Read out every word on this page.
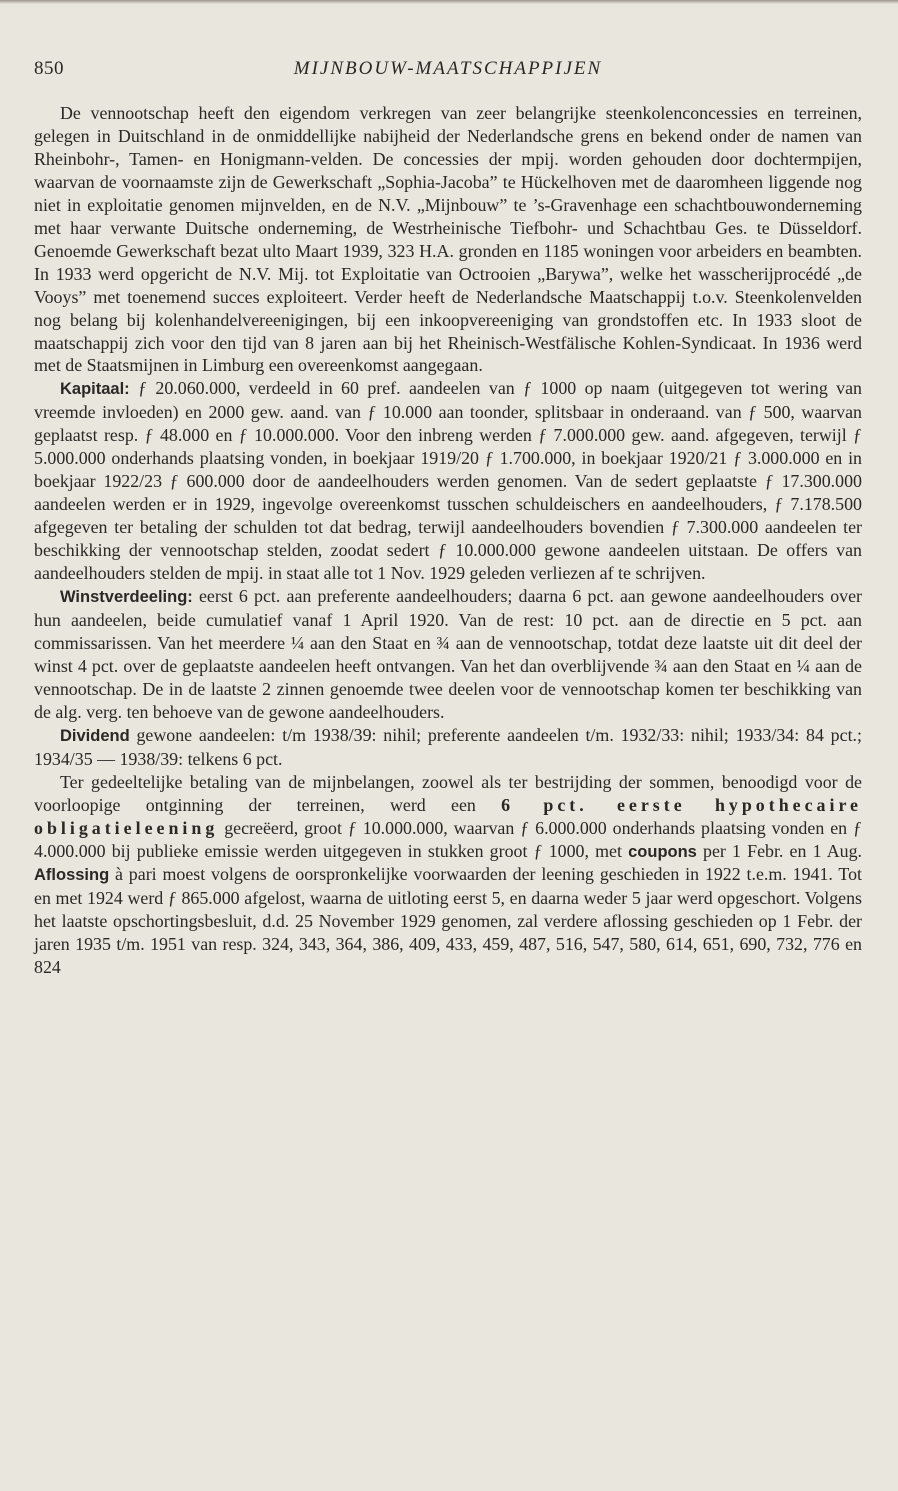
850	MIJNBOUW-MAATSCHAPPIJEN

De vennootschap heeft den eigendom verkregen van zeer belangrijke steenkolenconcessies en terreinen, gelegen in Duitschland in de onmiddellijke nabijheid der Nederlandsche grens en bekend onder de namen van Rheinbohr-, Tamen- en Honigmann-velden. De concessies der mpij. worden gehouden door dochtermpijen, waarvan de voornaamste zijn de Gewerkschaft „Sophia-Jacoba” te Hückelhoven met de daaromheen liggende nog niet in exploitatie genomen mijnvelden, en de N.V. „Mijnbouw” te ’s-Gravenhage een schachtbouwonderneming met haar verwante Duitsche onderneming, de Westrheinische Tiefbohr- und Schachtbau Ges. te Düsseldorf. Genoemde Gewerkschaft bezat ulto Maart 1939, 323 H.A. gronden en 1185 woningen voor arbeiders en beambten. In 1933 werd opgericht de N.V. Mij. tot Exploitatie van Octrooien „Barywa”, welke het wasscherijprocédé „de Vooys” met toenemend succes exploiteert. Verder heeft de Nederlandsche Maatschappij t.o.v. Steenkolenvelden nog belang bij kolenhandelvereenigingen, bij een inkoopvereeniging van grondstoffen etc. In 1933 sloot de maatschappij zich voor den tijd van 8 jaren aan bij het Rheinisch-Westfälische Kohlen-Syndicaat. In 1936 werd met de Staatsmijnen in Limburg een overeenkomst aangegaan.

Kapitaal: ƒ 20.060.000, verdeeld in 60 pref. aandeelen van ƒ 1000 op naam (uitgegeven tot wering van vreemde invloeden) en 2000 gew. aand. van ƒ 10.000 aan toonder, splitsbaar in onderaand. van ƒ 500, waarvan geplaatst resp. ƒ 48.000 en ƒ 10.000.000. Voor den inbreng werden ƒ 7.000.000 gew. aand. afgegeven, terwijl ƒ 5.000.000 onderhands plaatsing vonden, in boekjaar 1919/20 ƒ 1.700.000, in boekjaar 1920/21 ƒ 3.000.000 en in boekjaar 1922/23 ƒ 600.000 door de aandeelhouders werden genomen. Van de sedert geplaatste ƒ 17.300.000 aandeelen werden er in 1929, ingevolge overeenkomst tusschen schuldeischers en aandeelhouders, ƒ 7.178.500 afgegeven ter betaling der schulden tot dat bedrag, terwijl aandeelhouders bovendien ƒ 7.300.000 aandeelen ter beschikking der vennootschap stelden, zoodat sedert ƒ 10.000.000 gewone aandeelen uitstaan. De offers van aandeelhouders stelden de mpij. in staat alle tot 1 Nov. 1929 geleden verliezen af te schrijven.

Winstverdeeling: eerst 6 pct. aan preferente aandeelhouders; daarna 6 pct. aan gewone aandeelhouders over hun aandeelen, beide cumulatief vanaf 1 April 1920. Van de rest: 10 pct. aan de directie en 5 pct. aan commissarissen. Van het meerdere ¼ aan den Staat en ¾ aan de vennootschap, totdat deze laatste uit dit deel der winst 4 pct. over de geplaatste aandeelen heeft ontvangen. Van het dan overblijvende ¾ aan den Staat en ¼ aan de vennootschap. De in de laatste 2 zinnen genoemde twee deelen voor de vennootschap komen ter beschikking van de alg. verg. ten behoeve van de gewone aandeelhouders.

Dividend gewone aandeelen: t/m 1938/39: nihil; preferente aandeelen t/m. 1932/33: nihil; 1933/34: 84 pct.; 1934/35 — 1938/39: telkens 6 pct.

Ter gedeeltelijke betaling van de mijnbelangen, zoowel als ter bestrijding der sommen, benoodigd voor de voorloopige ontginning der terreinen, werd een 6 pct. eerste hypothecaire obligatieleening gecreëerd, groot ƒ 10.000.000, waarvan ƒ 6.000.000 onderhands plaatsing vonden en ƒ 4.000.000 bij publieke emissie werden uitgegeven in stukken groot ƒ 1000, met coupons per 1 Febr. en 1 Aug. Aflossing à pari moest volgens de oorspronkelijke voorwaarden der leening geschieden in 1922 t.e.m. 1941. Tot en met 1924 werd ƒ 865.000 afgelost, waarna de uitloting eerst 5, en daarna weder 5 jaar werd opgeschort. Volgens het laatste opschortingsbesluit, d.d. 25 November 1929 genomen, zal verdere aflossing geschieden op 1 Febr. der jaren 1935 t/m. 1951 van resp. 324, 343, 364, 386, 409, 433, 459, 487, 516, 547, 580, 614, 651, 690, 732, 776 en 824
